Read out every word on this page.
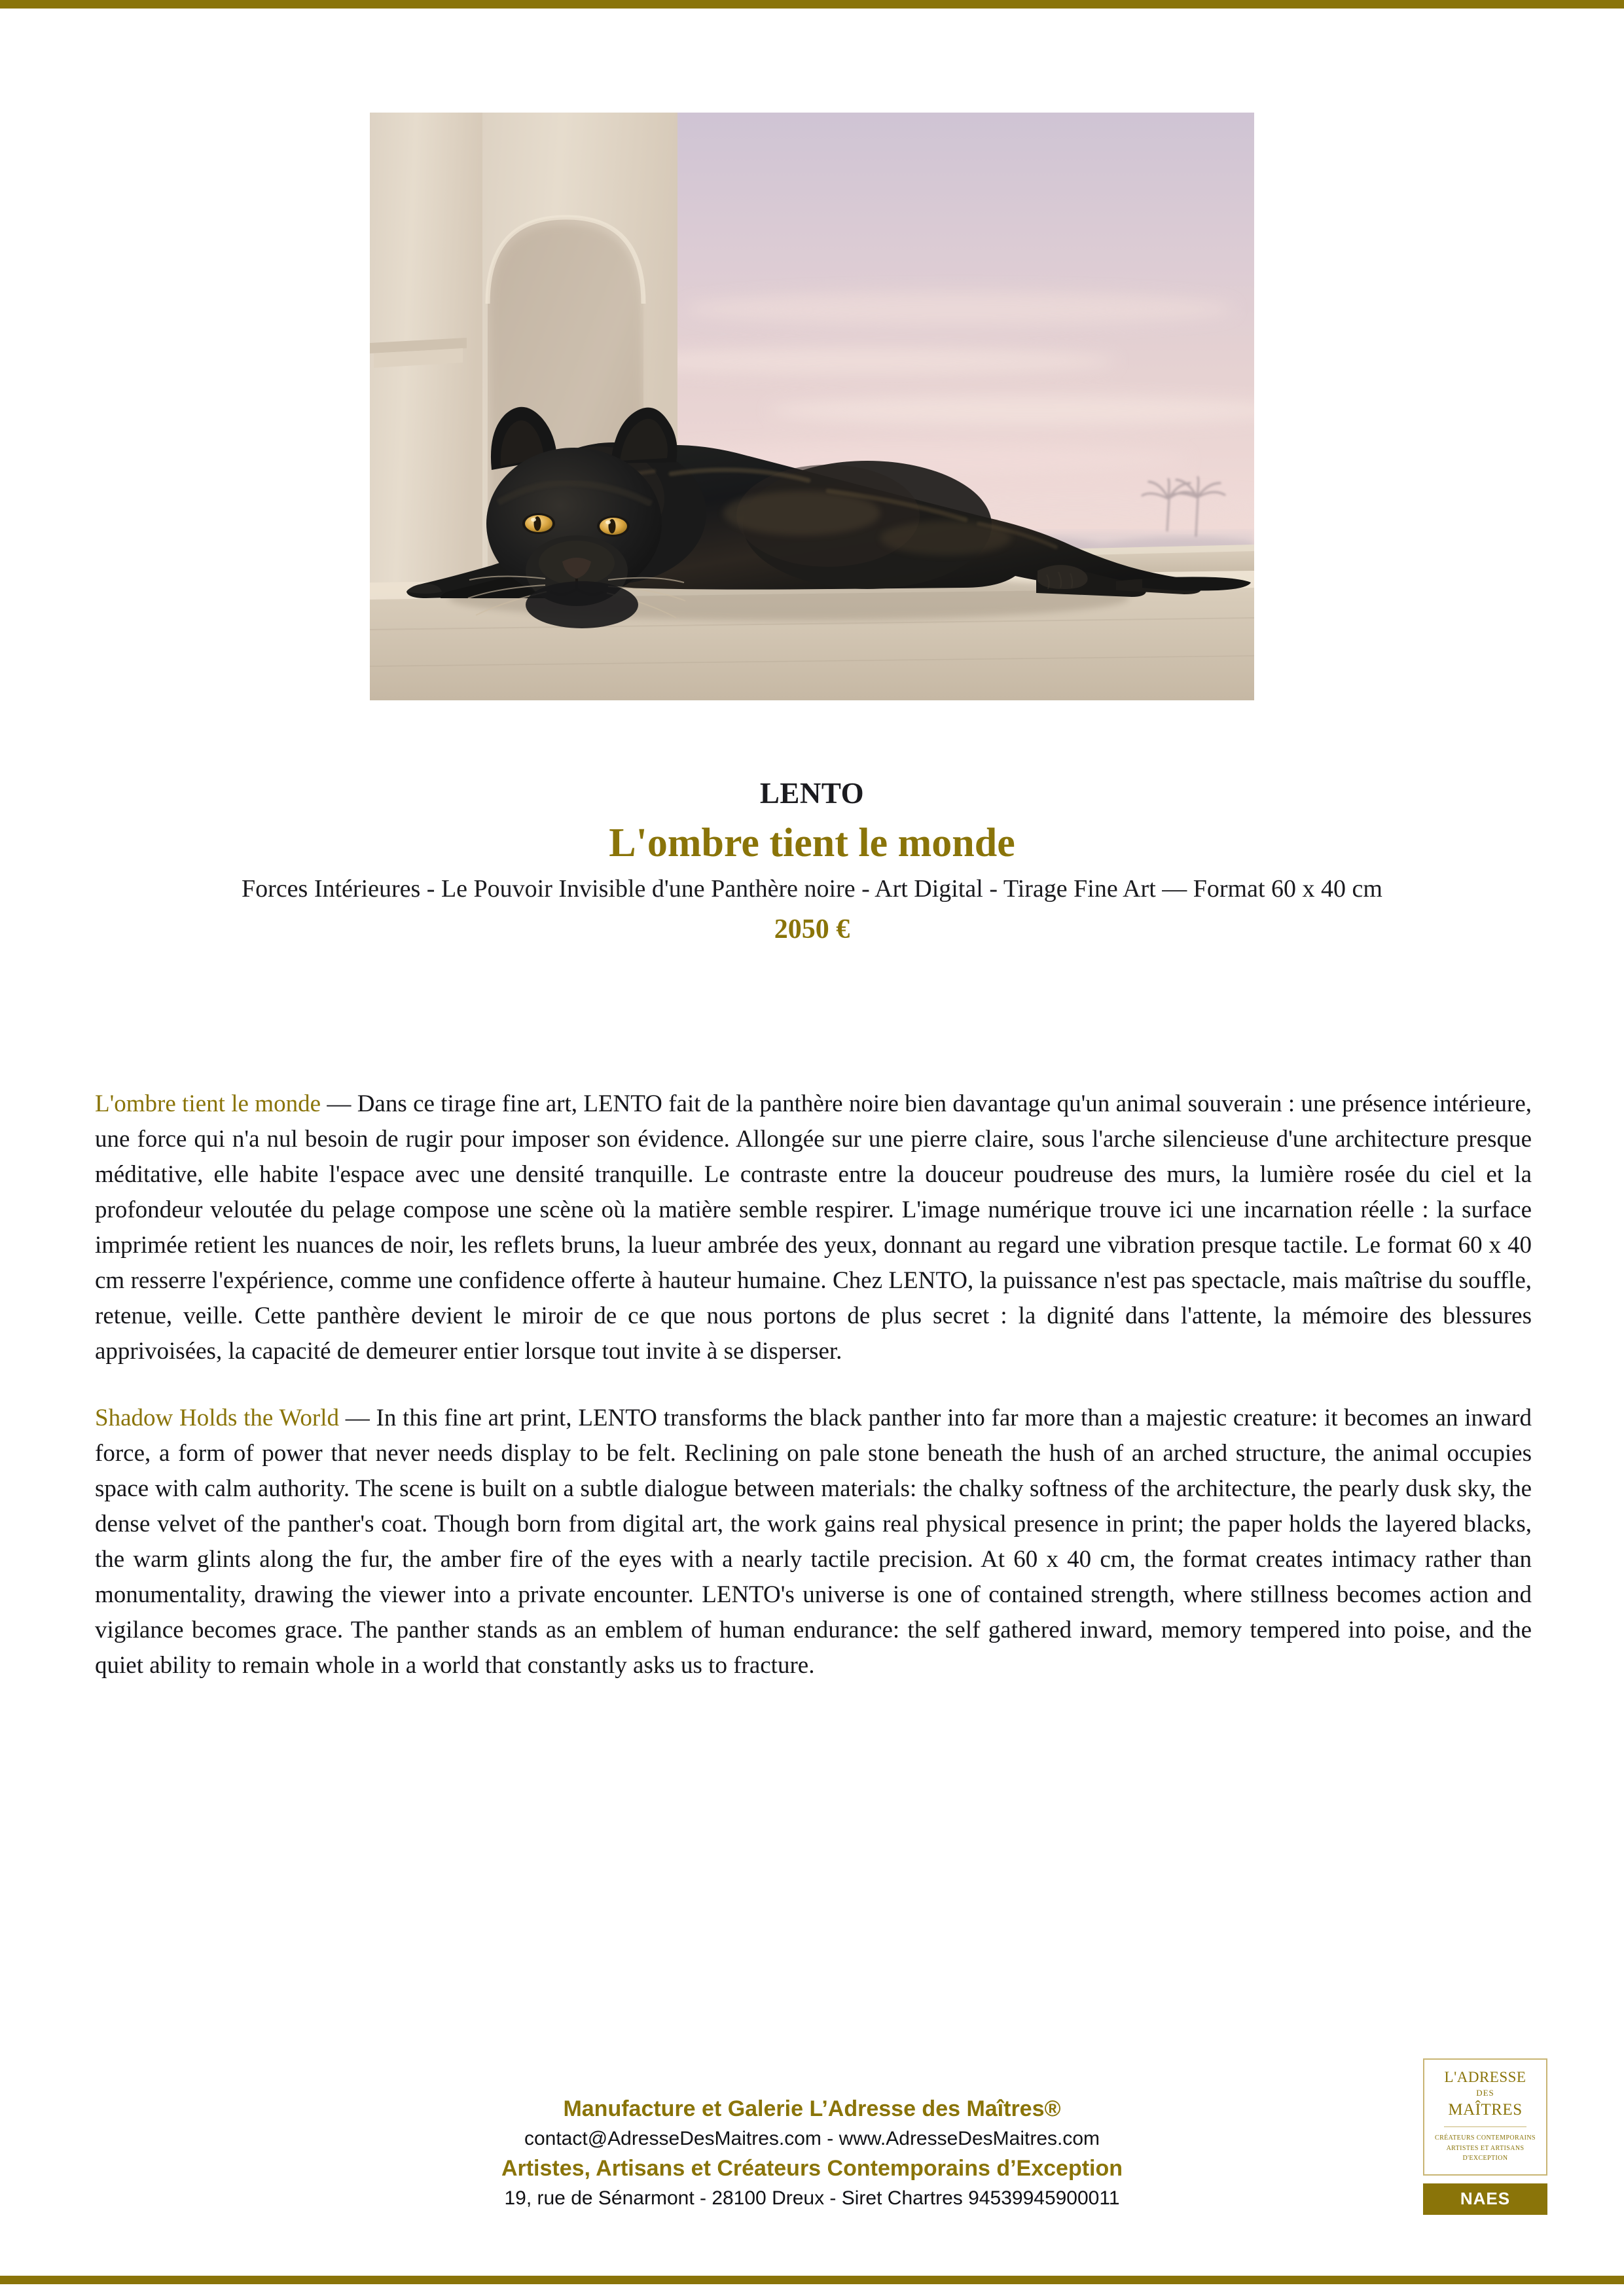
LENTO

L'ombre tient le monde

Forces Intérieures - Le Pouvoir Invisible d'une Panthère noire - Art Digital - Tirage Fine Art — Format 60 x 40 cm

2050 €

L'ombre tient le monde — Dans ce tirage fine art, LENTO fait de la panthère noire bien davantage qu'un animal souverain : une présence intérieure, une force qui n'a nul besoin de rugir pour imposer son évidence. Allongée sur une pierre claire, sous l'arche silencieuse d'une architecture presque méditative, elle habite l'espace avec une densité tranquille. Le contraste entre la douceur poudreuse des murs, la lumière rosée du ciel et la profondeur veloutée du pelage compose une scène où la matière semble respirer. L'image numérique trouve ici une incarnation réelle : la surface imprimée retient les nuances de noir, les reflets bruns, la lueur ambrée des yeux, donnant au regard une vibration presque tactile. Le format 60 x 40 cm resserre l'expérience, comme une confidence offerte à hauteur humaine. Chez LENTO, la puissance n'est pas spectacle, mais maîtrise du souffle, retenue, veille. Cette panthère devient le miroir de ce que nous portons de plus secret : la dignité dans l'attente, la mémoire des blessures apprivoisées, la capacité de demeurer entier lorsque tout invite à se disperser.

Shadow Holds the World — In this fine art print, LENTO transforms the black panther into far more than a majestic creature: it becomes an inward force, a form of power that never needs display to be felt. Reclining on pale stone beneath the hush of an arched structure, the animal occupies space with calm authority. The scene is built on a subtle dialogue between materials: the chalky softness of the architecture, the pearly dusk sky, the dense velvet of the panther's coat. Though born from digital art, the work gains real physical presence in print; the paper holds the layered blacks, the warm glints along the fur, the amber fire of the eyes with a nearly tactile precision. At 60 x 40 cm, the format creates intimacy rather than monumentality, drawing the viewer into a private encounter. LENTO's universe is one of contained strength, where stillness becomes action and vigilance becomes grace. The panther stands as an emblem of human endurance: the self gathered inward, memory tempered into poise, and the quiet ability to remain whole in a world that constantly asks us to fracture.

Manufacture et Galerie L’Adresse des Maîtres®

contact@AdresseDesMaitres.com - www.AdresseDesMaitres.com

Artistes, Artisans et Créateurs Contemporains d’Exception

19, rue de Sénarmont - 28100 Dreux - Siret Chartres 94539945900011

L'ADRESSE
DES
MAÎTRES
CRÉATEURS CONTEMPORAINS
ARTISTES ET ARTISANS
D'EXCEPTION
NAES
